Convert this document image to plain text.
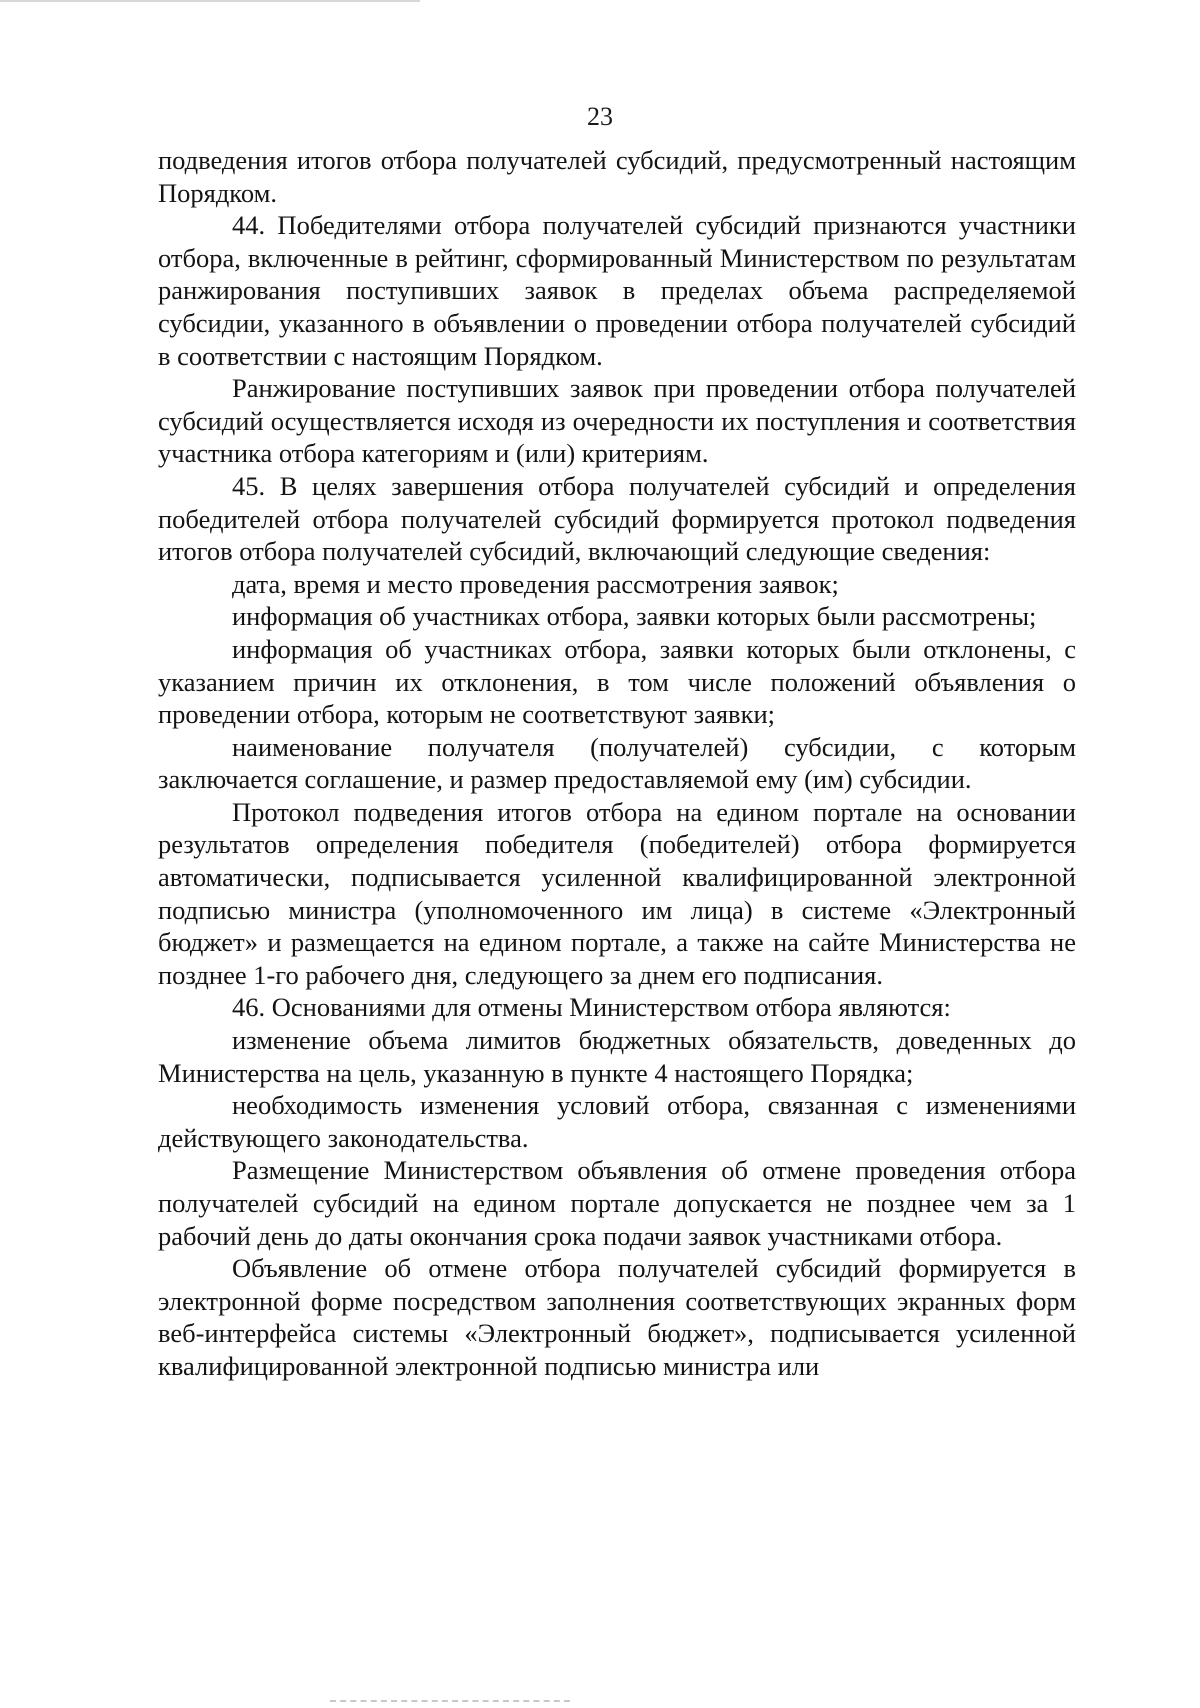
23

подведения итогов отбора получателей субсидий, предусмотренный настоящим Порядком.

44. Победителями отбора получателей субсидий признаются участники отбора, включенные в рейтинг, сформированный Министерством по результатам ранжирования поступивших заявок в пределах объема распределяемой субсидии, указанного в объявлении о проведении отбора получателей субсидий в соответствии с настоящим Порядком.

Ранжирование поступивших заявок при проведении отбора получателей субсидий осуществляется исходя из очередности их поступления и соответствия участника отбора категориям и (или) критериям.

45. В целях завершения отбора получателей субсидий и определения победителей отбора получателей субсидий формируется протокол подведения итогов отбора получателей субсидий, включающий следующие сведения:

дата, время и место проведения рассмотрения заявок;

информация об участниках отбора, заявки которых были рассмотрены;

информация об участниках отбора, заявки которых были отклонены, с указанием причин их отклонения, в том числе положений объявления о проведении отбора, которым не соответствуют заявки;

наименование получателя (получателей) субсидии, с которым заключается соглашение, и размер предоставляемой ему (им) субсидии.

Протокол подведения итогов отбора на едином портале на основании результатов определения победителя (победителей) отбора формируется автоматически, подписывается усиленной квалифицированной электронной подписью министра (уполномоченного им лица) в системе «Электронный бюджет» и размещается на едином портале, а также на сайте Министерства не позднее 1-го рабочего дня, следующего за днем его подписания.

46. Основаниями для отмены Министерством отбора являются:

изменение объема лимитов бюджетных обязательств, доведенных до Министерства на цель, указанную в пункте 4 настоящего Порядка;

необходимость изменения условий отбора, связанная с изменениями действующего законодательства.

Размещение Министерством объявления об отмене проведения отбора получателей субсидий на едином портале допускается не позднее чем за 1 рабочий день до даты окончания срока подачи заявок участниками отбора.

Объявление об отмене отбора получателей субсидий формируется в электронной форме посредством заполнения соответствующих экранных форм веб-интерфейса системы «Электронный бюджет», подписывается усиленной квалифицированной электронной подписью министра или
